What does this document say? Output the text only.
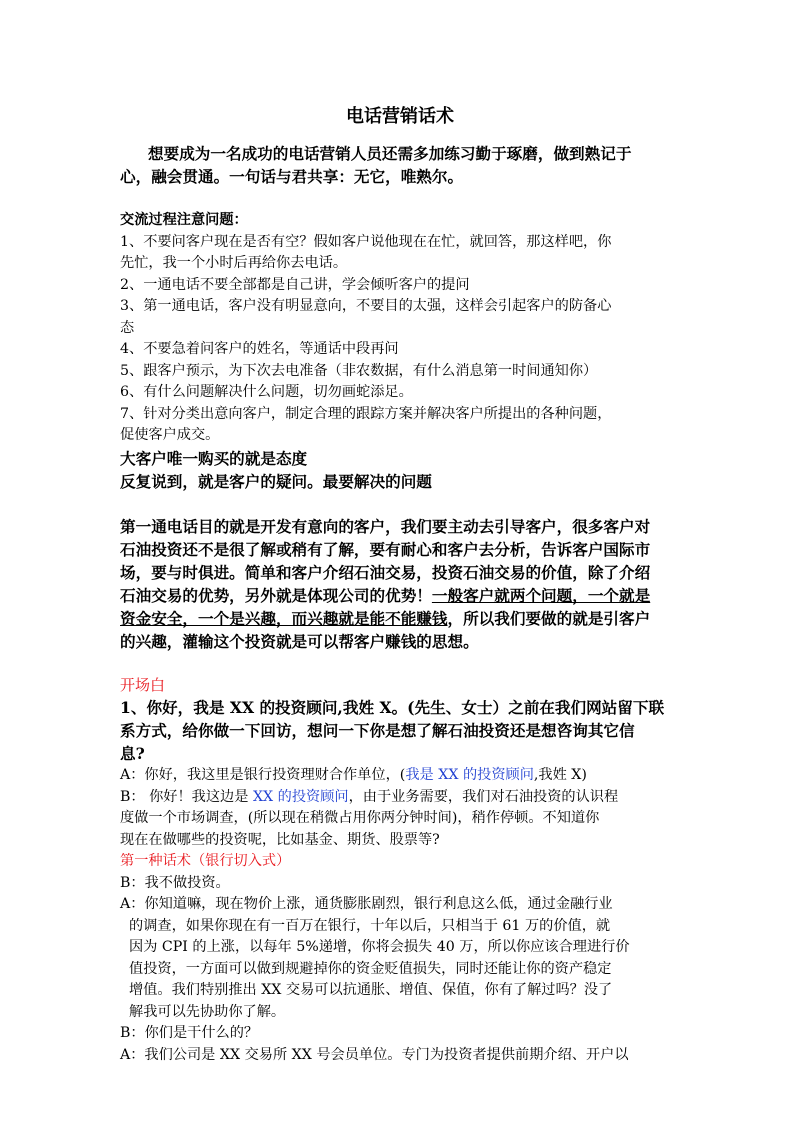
电话营销话术
想要成为一名成功的电话营销人员还需多加练习勤于琢磨，做到熟记于
心，融会贯通。一句话与君共享：无它，唯熟尔。
交流过程注意问题：
1、不要问客户现在是否有空？假如客户说他现在在忙，就回答，那这样吧，你
先忙，我一个小时后再给你去电话。
2、一通电话不要全部都是自己讲，学会倾听客户的提问
3、第一通电话，客户没有明显意向，不要目的太强，这样会引起客户的防备心
态
4、不要急着问客户的姓名，等通话中段再问
5、跟客户预示，为下次去电准备（非农数据，有什么消息第一时间通知你）
6、有什么问题解决什么问题，切勿画蛇添足。
7、针对分类出意向客户，制定合理的跟踪方案并解决客户所提出的各种问题，
促使客户成交。
大客户唯一购买的就是态度
反复说到，就是客户的疑问。最要解决的问题
第一通电话目的就是开发有意向的客户，我们要主动去引导客户，很多客户对
石油投资还不是很了解或稍有了解，要有耐心和客户去分析，告诉客户国际市
场，要与时俱进。简单和客户介绍石油交易，投资石油交易的价值，除了介绍
石油交易的优势，另外就是体现公司的优势！一般客户就两个问题，一个就是
资金安全，一个是兴趣，而兴趣就是能不能赚钱，所以我们要做的就是引客户
的兴趣，灌输这个投资就是可以帮客户赚钱的思想。
开场白
1、你好，我是 XX 的投资顾问,我姓 X。(先生、女士）之前在我们网站留下联
系方式，给你做一下回访，想问一下你是想了解石油投资还是想咨询其它信
息?
A：你好，我这里是银行投资理财合作单位，(我是 XX 的投资顾问,我姓 X)
B： 你好！我这边是 XX 的投资顾问，由于业务需要，我们对石油投资的认识程
度做一个市场调查，(所以现在稍微占用你两分钟时间)，稍作停顿。不知道你
现在在做哪些的投资呢，比如基金、期货、股票等?
第一种话术（银行切入式）
B：我不做投资。
A：你知道嘛，现在物价上涨，通货膨胀剧烈，银行利息这么低，通过金融行业
的调查，如果你现在有一百万在银行，十年以后，只相当于 61 万的价值，就
因为 CPI 的上涨，以每年 5%递增，你将会损失 40 万，所以你应该合理进行价
值投资，一方面可以做到规避掉你的资金贬值损失，同时还能让你的资产稳定
增值。我们特别推出 XX 交易可以抗通胀、增值、保值，你有了解过吗？没了
解我可以先协助你了解。
B：你们是干什么的？
A：我们公司是 XX 交易所 XX 号会员单位。专门为投资者提供前期介绍、开户以
